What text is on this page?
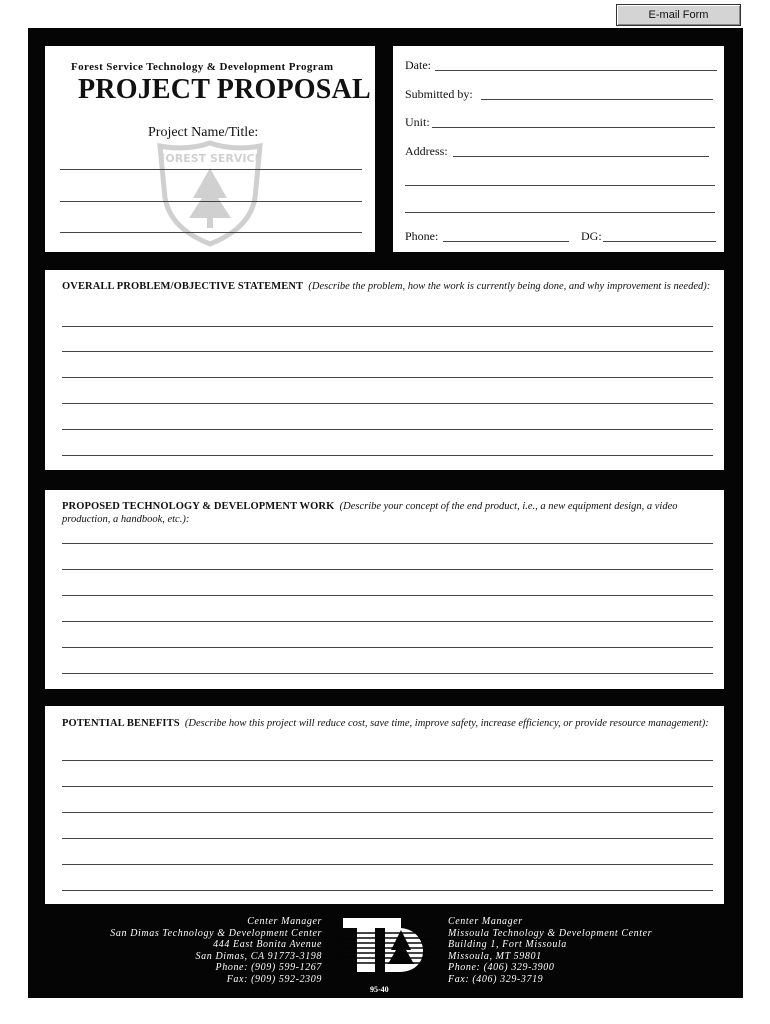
E-mail Form
FOREST SERVICE
Forest Service Technology & Development Program
PROJECT PROPOSAL
Project Name/Title:
Date:
Submitted by:
Unit:
Address:
Phone:	DG:
OVERALL PROBLEM/OBJECTIVE STATEMENT (Describe the problem, how the work is currently being done, and why improvement is needed):
PROPOSED TECHNOLOGY & DEVELOPMENT WORK (Describe your concept of the end product, i.e., a new equipment design, a video production, a handbook, etc.):
POTENTIAL BENEFITS (Describe how this project will reduce cost, save time, improve safety, increase efficiency, or provide resource management):
Center Manager
San Dimas Technology & Development Center
444 East Bonita Avenue
San Dimas, CA 91773-3198
Phone: (909) 599-1267
Fax: (909) 592-2309
Center Manager
Missoula Technology & Development Center
Building 1, Fort Missoula
Missoula, MT 59801
Phone: (406) 329-3900
Fax: (406) 329-3719
95-40
